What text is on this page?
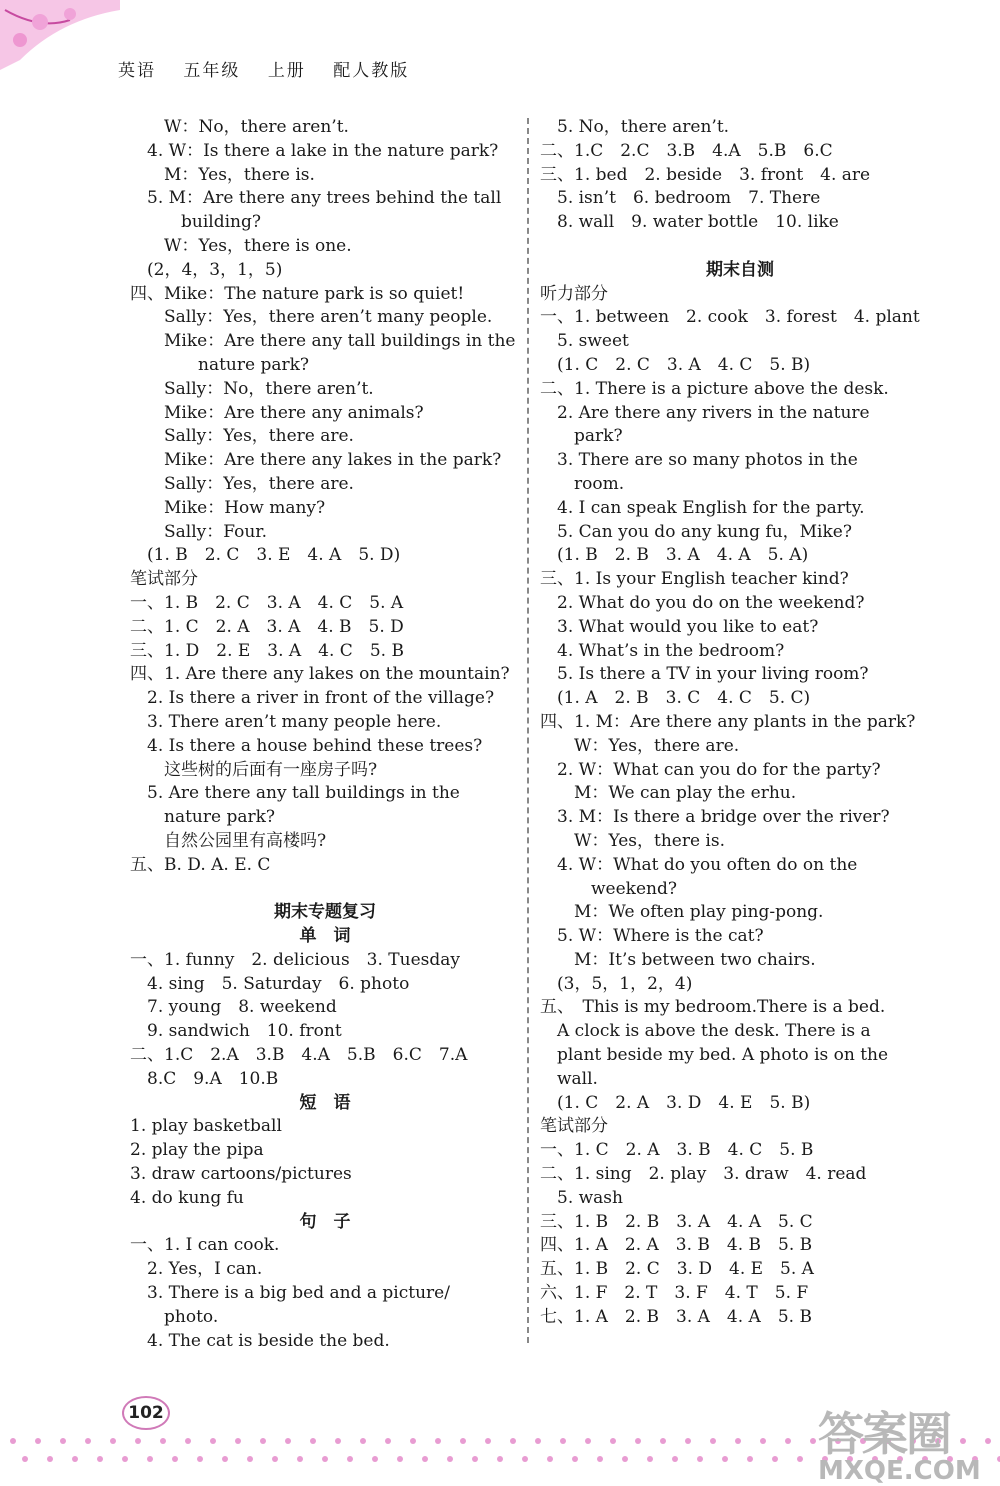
英语 五年级 上册 配人教版
　　W：No，there aren’t.
　4. W：Is there a lake in the nature park?
　　M：Yes，there is.
　5. M：Are there any trees behind the tall
　　　building?
　　W：Yes，there is one.
　(2，4，3，1，5)
四、Mike：The nature park is so quiet!
　　Sally：Yes，there aren’t many people.
　　Mike：Are there any tall buildings in the
　　　　nature park?
　　Sally：No，there aren’t.
　　Mike：Are there any animals?
　　Sally：Yes，there are.
　　Mike：Are there any lakes in the park?
　　Sally：Yes，there are.
　　Mike：How many?
　　Sally：Four.
　(1. B　2. C　3. E　4. A　5. D)
笔试部分
一、1. B　2. C　3. A　4. C　5. A
二、1. C　2. A　3. A　4. B　5. D
三、1. D　2. E　3. A　4. C　5. B
四、1. Are there any lakes on the mountain?
　2. Is there a river in front of the village?
　3. There aren’t many people here.
　4. Is there a house behind these trees?
　　这些树的后面有一座房子吗?
　5. Are there any tall buildings in the
　　nature park?
　　自然公园里有高楼吗?
五、B. D. A. E. C

期末专题复习
单　词
一、1. funny　2. delicious　3. Tuesday
　4. sing　5. Saturday　6. photo
　7. young　8. weekend
　9. sandwich　10. front
二、1.C　2.A　3.B　4.A　5.B　6.C　7.A
　8.C　9.A　10.B
短　语
1. play basketball
2. play the pipa
3. draw cartoons/pictures
4. do kung fu
句　子
一、1. I can cook.
　2. Yes，I can.
　3. There is a big bed and a picture/
　　photo.
　4. The cat is beside the bed.
　5. No，there aren’t.
二、1.C　2.C　3.B　4.A　5.B　6.C
三、1. bed　2. beside　3. front　4. are
　5. isn’t　6. bedroom　7. There
　8. wall　9. water bottle　10. like

期末自测
听力部分
一、1. between　2. cook　3. forest　4. plant
　5. sweet
　(1. C　2. C　3. A　4. C　5. B)
二、1. There is a picture above the desk.
　2. Are there any rivers in the nature
　　park?
　3. There are so many photos in the
　　room.
　4. I can speak English for the party.
　5. Can you do any kung fu，Mike?
　(1. B　2. B　3. A　4. A　5. A)
三、1. Is your English teacher kind?
　2. What do you do on the weekend?
　3. What would you like to eat?
　4. What’s in the bedroom?
　5. Is there a TV in your living room?
　(1. A　2. B　3. C　4. C　5. C)
四、1. M：Are there any plants in the park?
　　W：Yes，there are.
　2. W：What can you do for the party?
　　M：We can play the erhu.
　3. M：Is there a bridge over the river?
　　W：Yes，there is.
　4. W：What do you often do on the
　　　weekend?
　　M：We often play ping-pong.
　5. W：Where is the cat?
　　M：It’s between two chairs.
　(3，5，1，2，4)
五、　This is my bedroom.There is a bed.
　A clock is above the desk. There is a
　plant beside my bed. A photo is on the
　wall.
　(1. C　2. A　3. D　4. E　5. B)
笔试部分
一、1. C　2. A　3. B　4. C　5. B
二、1. sing　2. play　3. draw　4. read
　5. wash
三、1. B　2. B　3. A　4. A　5. C
四、1. A　2. A　3. B　4. B　5. B
五、1. B　2. C　3. D　4. E　5. A
六、1. F　2. T　3. F　4. T　5. F
七、1. A　2. B　3. A　4. A　5. B
102	答案圈
MXQE.COM
